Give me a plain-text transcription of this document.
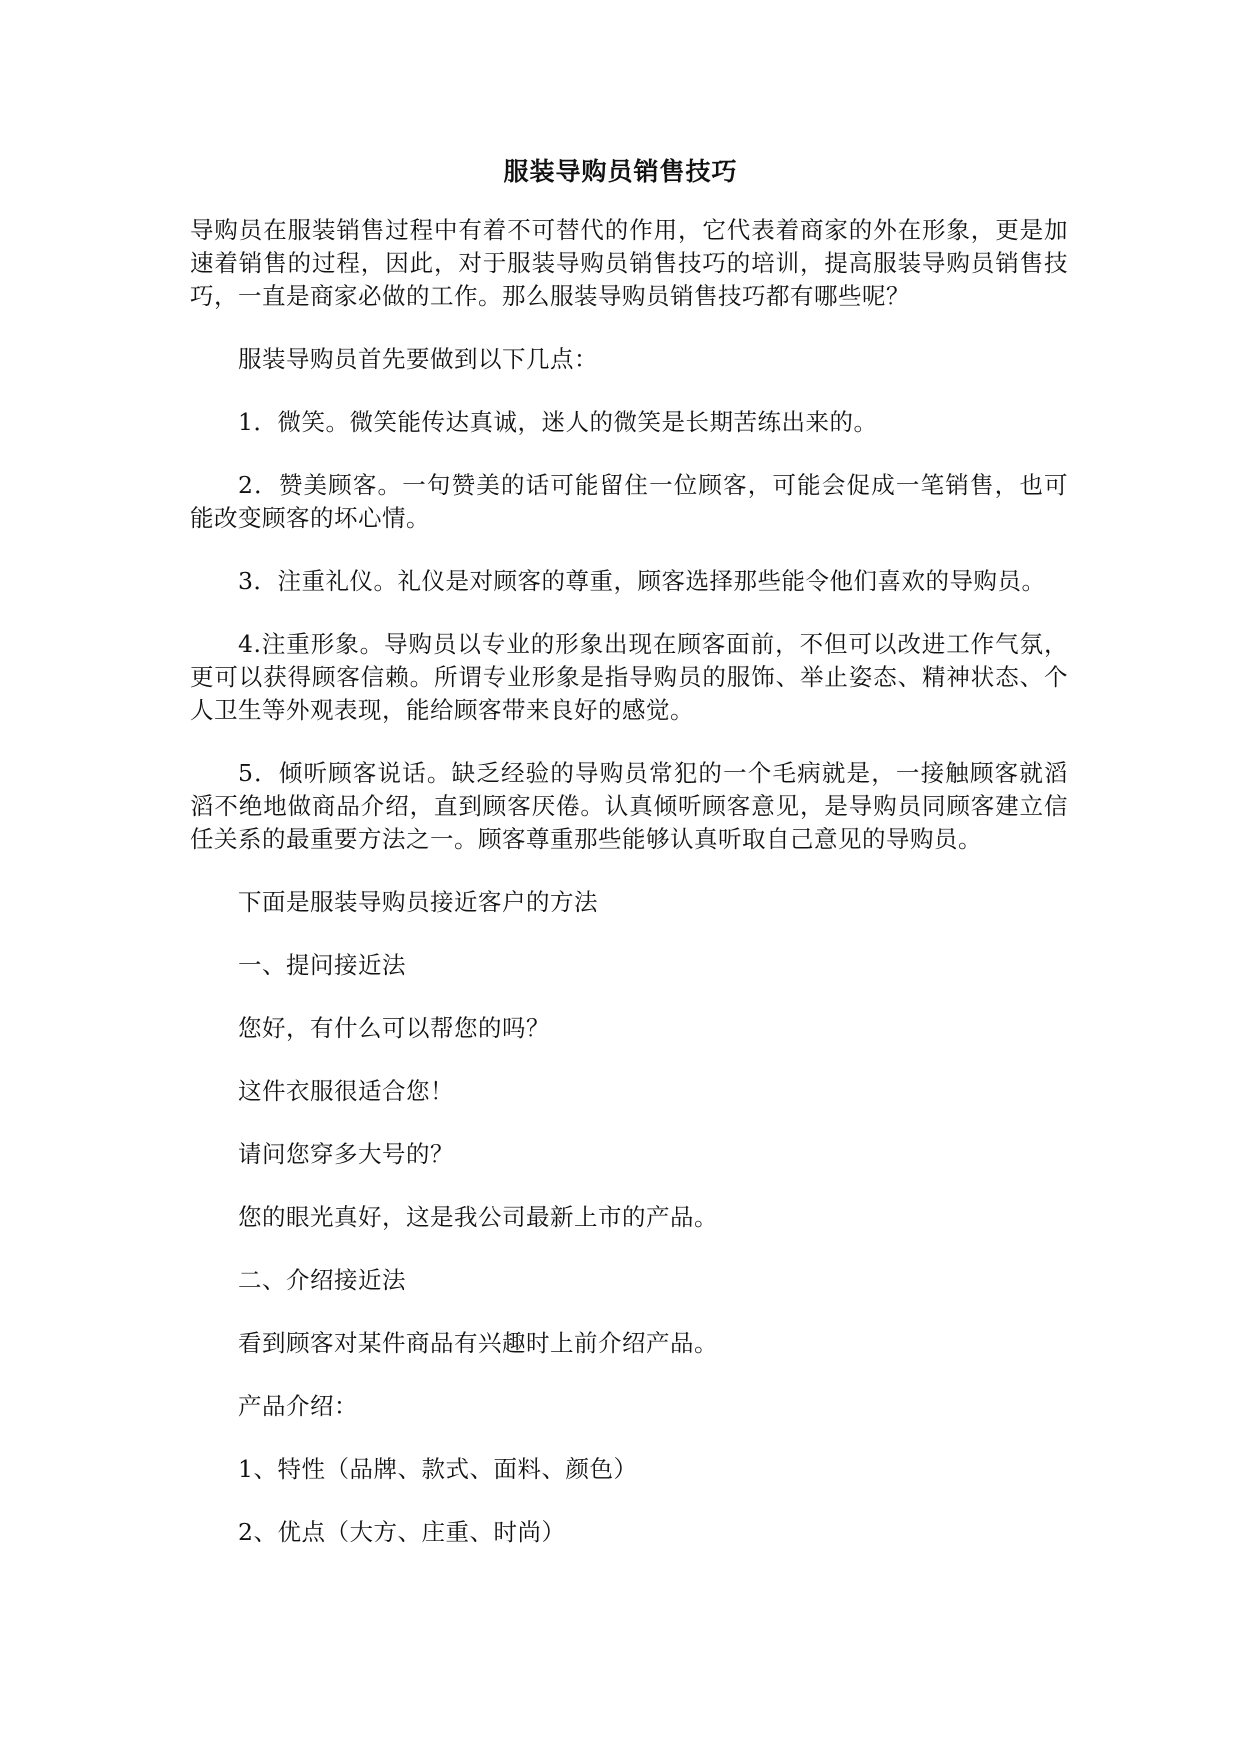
服装导购员销售技巧

导购员在服装销售过程中有着不可替代的作用，它代表着商家的外在形象，更是加速着销售的过程，因此，对于服装导购员销售技巧的培训，提高服装导购员销售技巧，一直是商家必做的工作。那么服装导购员销售技巧都有哪些呢？

服装导购员首先要做到以下几点：

1．微笑。微笑能传达真诚，迷人的微笑是长期苦练出来的。

2．赞美顾客。一句赞美的话可能留住一位顾客，可能会促成一笔销售，也可能改变顾客的坏心情。

3．注重礼仪。礼仪是对顾客的尊重，顾客选择那些能令他们喜欢的导购员。

4.注重形象。导购员以专业的形象出现在顾客面前，不但可以改进工作气氛，更可以获得顾客信赖。所谓专业形象是指导购员的服饰、举止姿态、精神状态、个人卫生等外观表现，能给顾客带来良好的感觉。

5．倾听顾客说话。缺乏经验的导购员常犯的一个毛病就是，一接触顾客就滔滔不绝地做商品介绍，直到顾客厌倦。认真倾听顾客意见，是导购员同顾客建立信任关系的最重要方法之一。顾客尊重那些能够认真听取自己意见的导购员。

下面是服装导购员接近客户的方法

一、提问接近法

您好，有什么可以帮您的吗？

这件衣服很适合您！

请问您穿多大号的？

您的眼光真好，这是我公司最新上市的产品。

二、介绍接近法

看到顾客对某件商品有兴趣时上前介绍产品。

产品介绍：

1、特性（品牌、款式、面料、颜色）

2、优点（大方、庄重、时尚）
